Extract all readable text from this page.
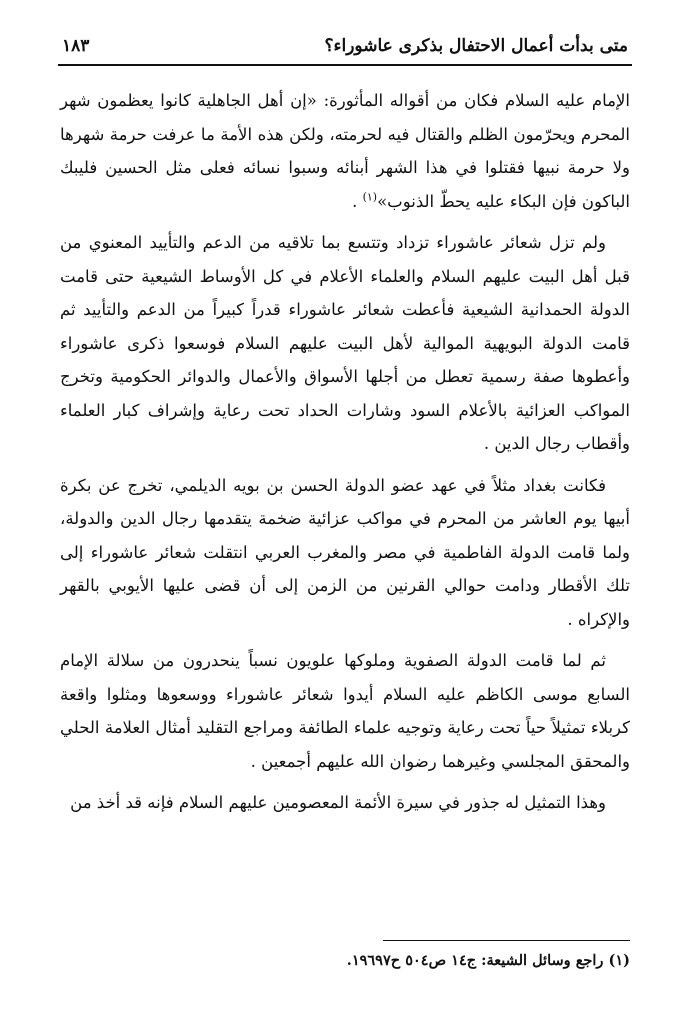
متى بدأت أعمال الاحتفال بذكرى عاشوراء؟
١٨٣

الإمام عليه السلام فكان من أقواله المأثورة: «إن أهل الجاهلية كانوا يعظمون شهر المحرم ويحرّمون الظلم والقتال فيه لحرمته، ولكن هذه الأمة ما عرفت حرمة شهرها ولا حرمة نبيها فقتلوا في هذا الشهر أبنائه وسبوا نسائه فعلى مثل الحسين فليبك الباكون فإن البكاء عليه يحطّ الذنوب»$^{(١)}$ .

ولم تزل شعائر عاشوراء تزداد وتتسع بما تلاقيه من الدعم والتأييد المعنوي من قبل أهل البيت عليهم السلام والعلماء الأعلام في كل الأوساط الشيعية حتى قامت الدولة الحمدانية الشيعية فأعطت شعائر عاشوراء قدراً كبيراً من الدعم والتأييد ثم قامت الدولة البويهية الموالية لأهل البيت عليهم السلام فوسعوا ذكرى عاشوراء وأعطوها صفة رسمية تعطل من أجلها الأسواق والأعمال والدوائر الحكومية وتخرج المواكب العزائية بالأعلام السود وشارات الحداد تحت رعاية وإشراف كبار العلماء وأقطاب رجال الدين .

فكانت بغداد مثلاً في عهد عضو الدولة الحسن بن بويه الديلمي، تخرج عن بكرة أبيها يوم العاشر من المحرم في مواكب عزائية ضخمة يتقدمها رجال الدين والدولة، ولما قامت الدولة الفاطمية في مصر والمغرب العربي انتقلت شعائر عاشوراء إلى تلك الأقطار ودامت حوالي القرنين من الزمن إلى أن قضى عليها الأيوبي بالقهر والإكراه .

ثم لما قامت الدولة الصفوية وملوكها علويون نسباً ينحدرون من سلالة الإمام السابع موسى الكاظم عليه السلام أيدوا شعائر عاشوراء ووسعوها ومثلوا واقعة كربلاء تمثيلاً حياً تحت رعاية وتوجيه علماء الطائفة ومراجع التقليد أمثال العلامة الحلي والمحقق المجلسي وغيرهما رضوان الله عليهم أجمعين .

وهذا التمثيل له جذور في سيرة الأئمة المعصومين عليهم السلام فإنه قد أخذ من

(١) راجع وسائل الشيعة: ج١٤ ص٥٠٤ ح١٩٦٩٧.
